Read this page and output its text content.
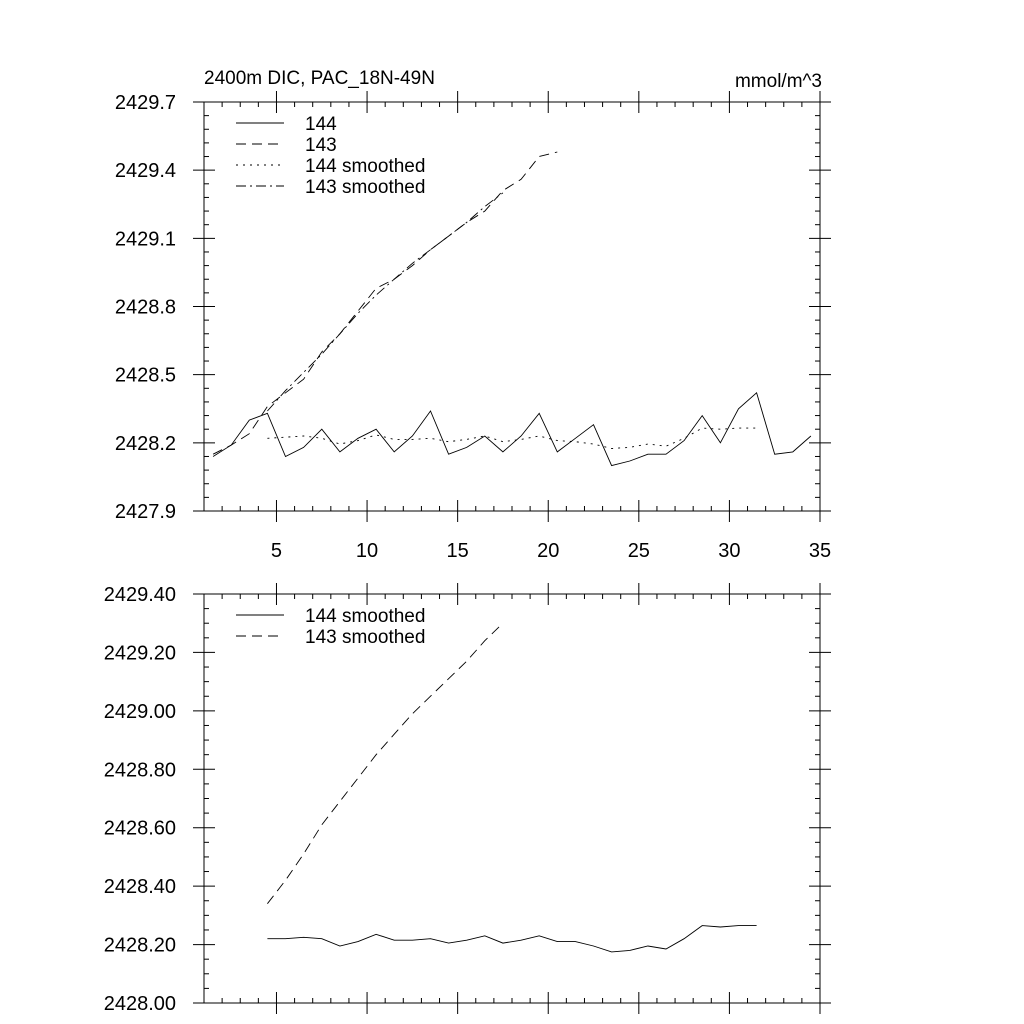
2400m DIC, PAC_18N-49N	mmol/m^3
5	10	15	20	25	30	35
2427.9
2428.2
2428.5
2428.8
2429.1
2429.4
2429.7
144
143
144 smoothed
143 smoothed
2428.00
2428.20
2428.40
2428.60
2428.80
2429.00
2429.20
2429.40
144 smoothed
143 smoothed
